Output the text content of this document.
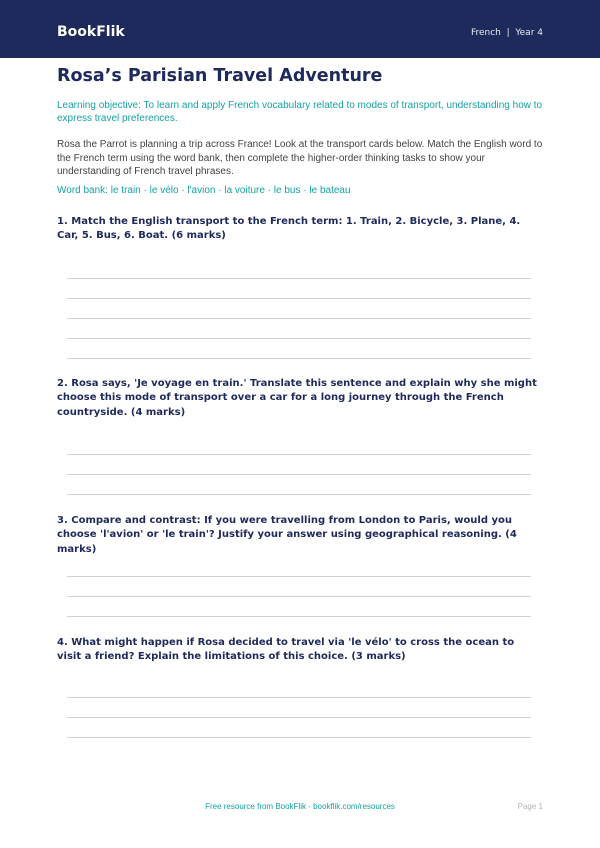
BookFlik	French  |  Year 4
Rosa’s Parisian Travel Adventure

Learning objective: To learn and apply French vocabulary related to modes of transport, understanding how to express travel preferences.

Rosa the Parrot is planning a trip across France! Look at the transport cards below. Match the English word to the French term using the word bank, then complete the higher-order thinking tasks to show your understanding of French travel phrases.

Word bank: le train · le vélo · l'avion · la voiture · le bus · le bateau

1. Match the English transport to the French term: 1. Train, 2. Bicycle, 3. Plane, 4. Car, 5. Bus, 6. Boat. (6 marks)

2. Rosa says, 'Je voyage en train.' Translate this sentence and explain why she might choose this mode of transport over a car for a long journey through the French countryside. (4 marks)

3. Compare and contrast: If you were travelling from London to Paris, would you choose 'l'avion' or 'le train'? Justify your answer using geographical reasoning. (4 marks)

4. What might happen if Rosa decided to travel via 'le vélo' to cross the ocean to visit a friend? Explain the limitations of this choice. (3 marks)

Free resource from BookFlik · bookflik.com/resources	Page 1
